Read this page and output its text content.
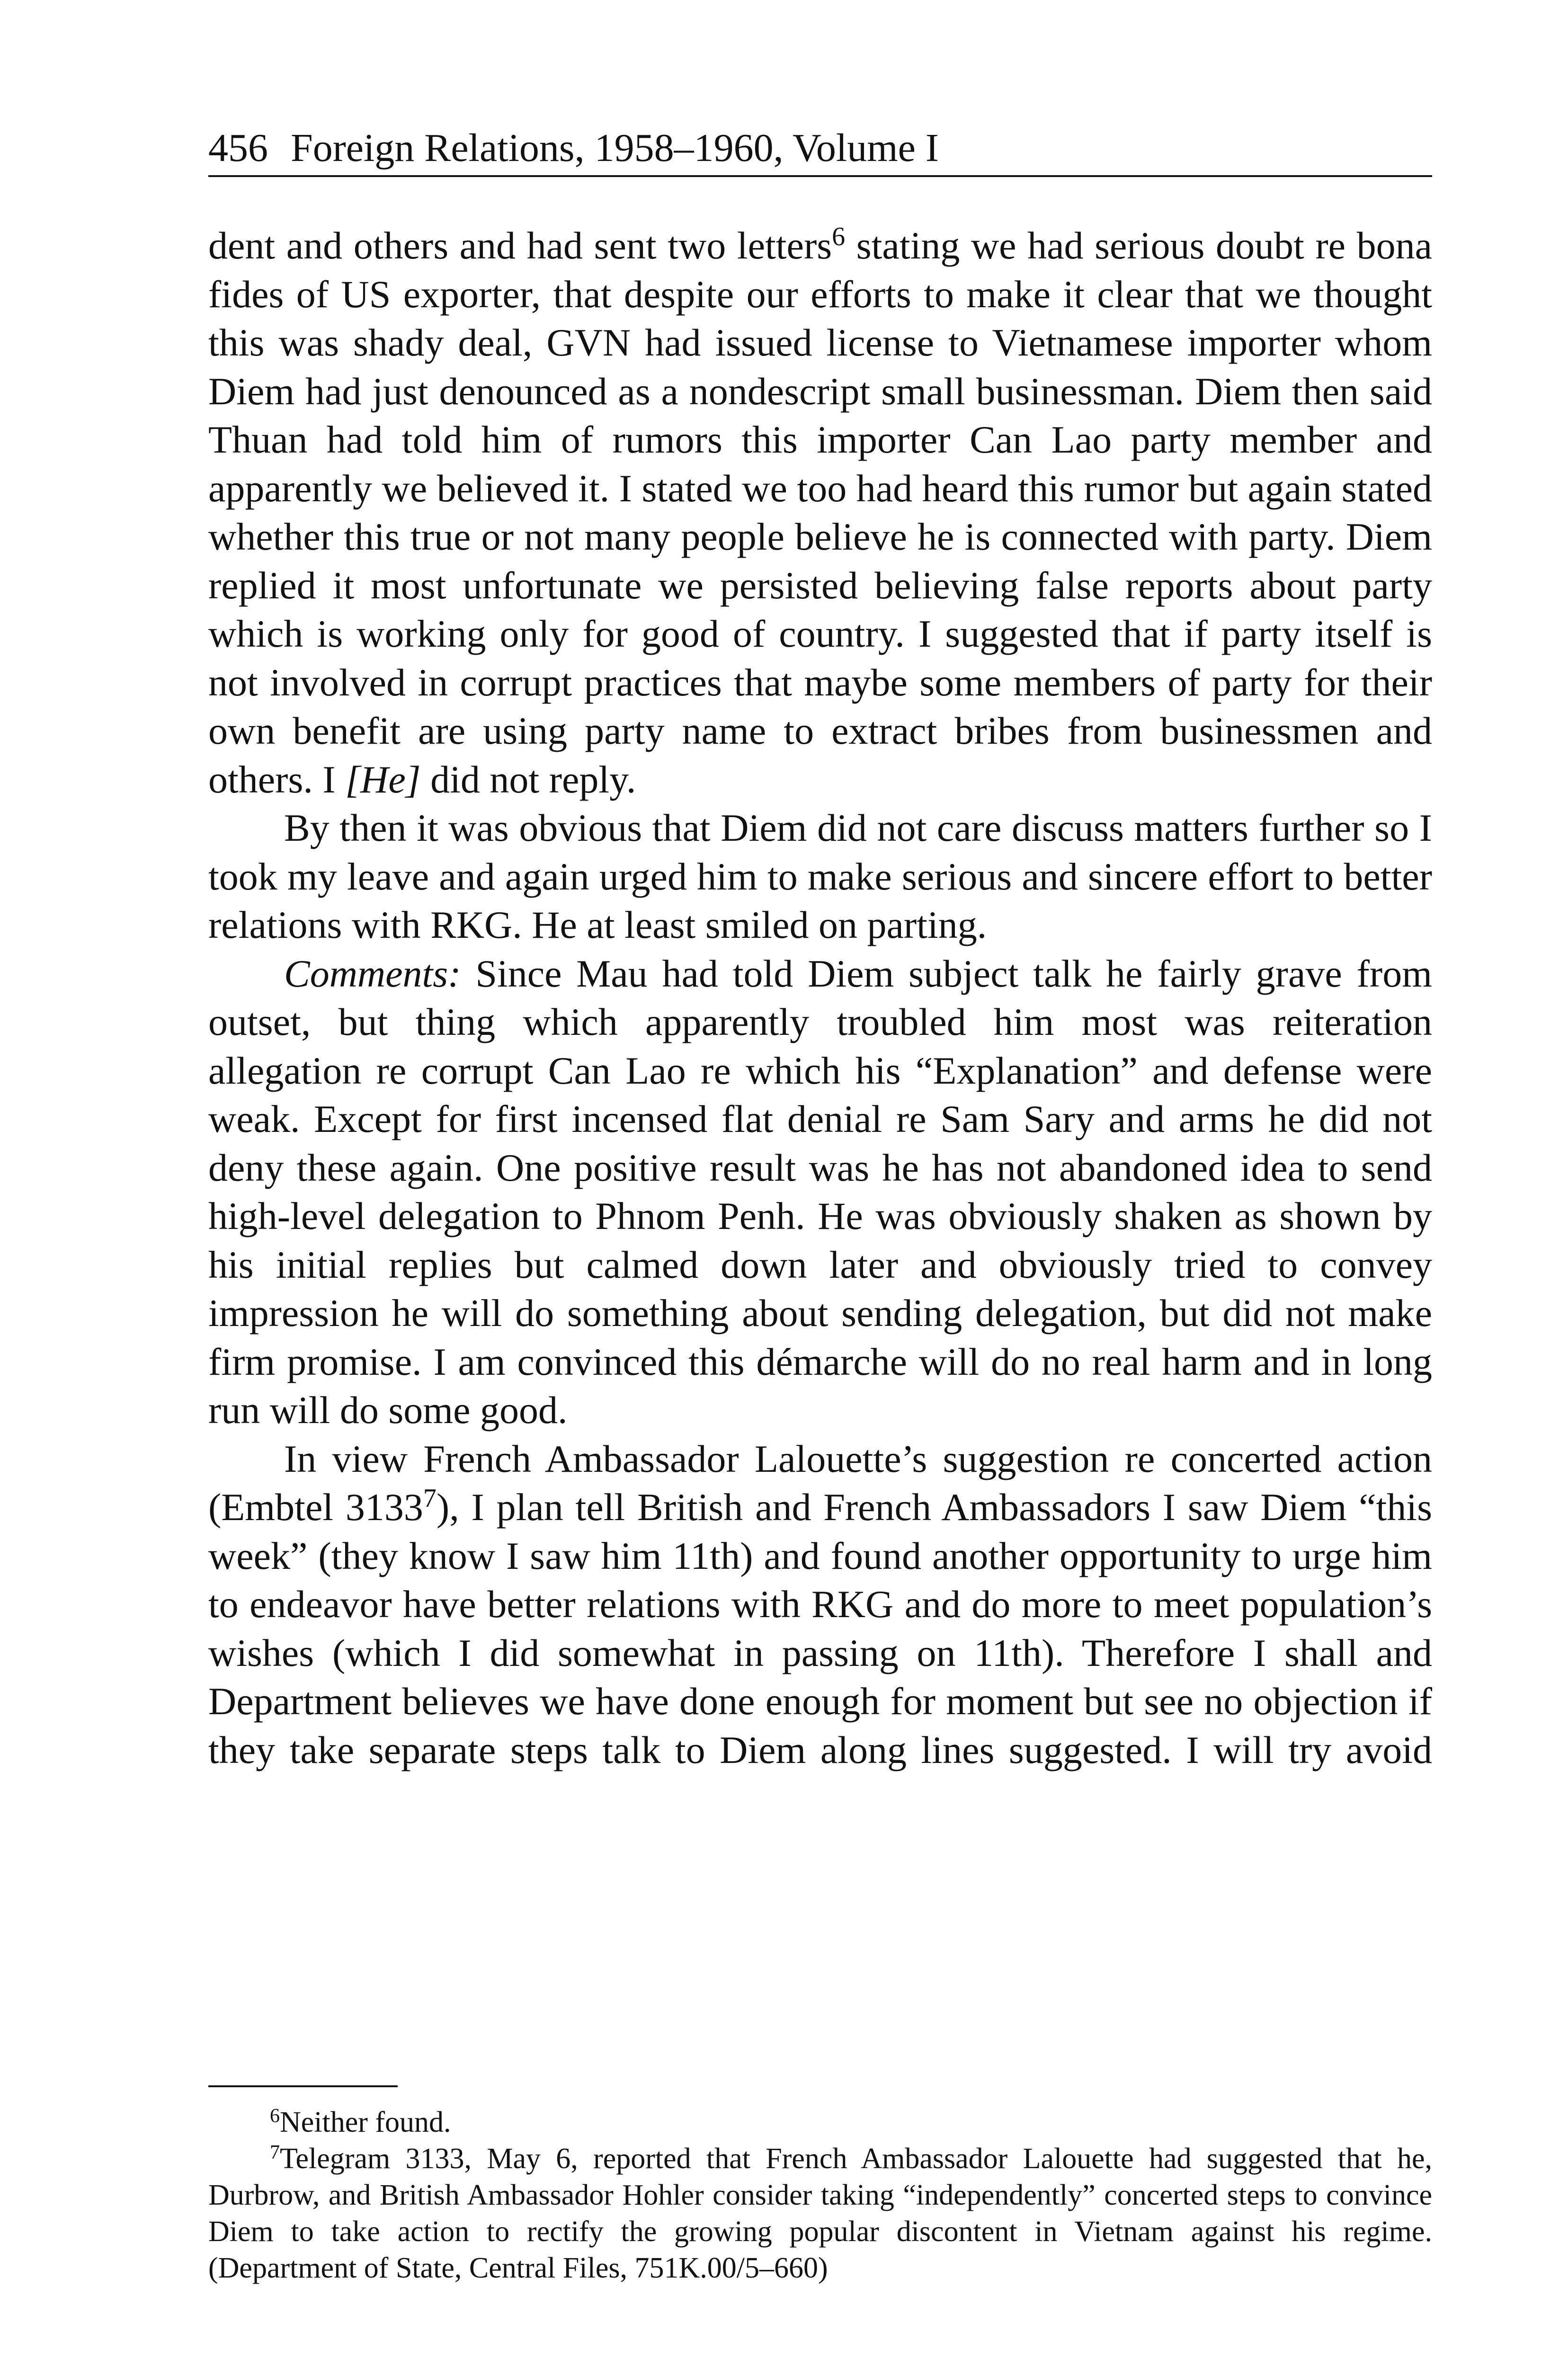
456 Foreign Relations, 1958–1960, Volume I

dent and others and had sent two letters$^6$ stating we had serious doubt re bona fides of US exporter, that despite our efforts to make it clear that we thought this was shady deal, GVN had issued license to Vietnamese importer whom Diem had just denounced as a nondescript small businessman. Diem then said Thuan had told him of rumors this importer Can Lao party member and apparently we believed it. I stated we too had heard this rumor but again stated whether this true or not many people believe he is connected with party. Diem replied it most unfortunate we persisted believing false reports about party which is working only for good of country. I suggested that if party itself is not involved in corrupt practices that maybe some members of party for their own benefit are using party name to extract bribes from businessmen and others. I [He] did not reply.

By then it was obvious that Diem did not care discuss matters further so I took my leave and again urged him to make serious and sincere effort to better relations with RKG. He at least smiled on parting.

Comments: Since Mau had told Diem subject talk he fairly grave from outset, but thing which apparently troubled him most was reiteration allegation re corrupt Can Lao re which his “Explanation” and defense were weak. Except for first incensed flat denial re Sam Sary and arms he did not deny these again. One positive result was he has not abandoned idea to send high-level delegation to Phnom Penh. He was obviously shaken as shown by his initial replies but calmed down later and obviously tried to convey impression he will do something about sending delegation, but did not make firm promise. I am convinced this démarche will do no real harm and in long run will do some good.

In view French Ambassador Lalouette’s suggestion re concerted action (Embtel 3133$^7$), I plan tell British and French Ambassadors I saw Diem “this week” (they know I saw him 11th) and found another opportunity to urge him to endeavor have better relations with RKG and do more to meet population’s wishes (which I did somewhat in passing on 11th). Therefore I shall and Department believes we have done enough for moment but see no objection if they take separate steps talk to Diem along lines suggested. I will try avoid

$^6$Neither found.

$^7$Telegram 3133, May 6, reported that French Ambassador Lalouette had suggested that he, Durbrow, and British Ambassador Hohler consider taking “independently” concerted steps to convince Diem to take action to rectify the growing popular discontent in Vietnam against his regime. (Department of State, Central Files, 751K.00/5–660)
